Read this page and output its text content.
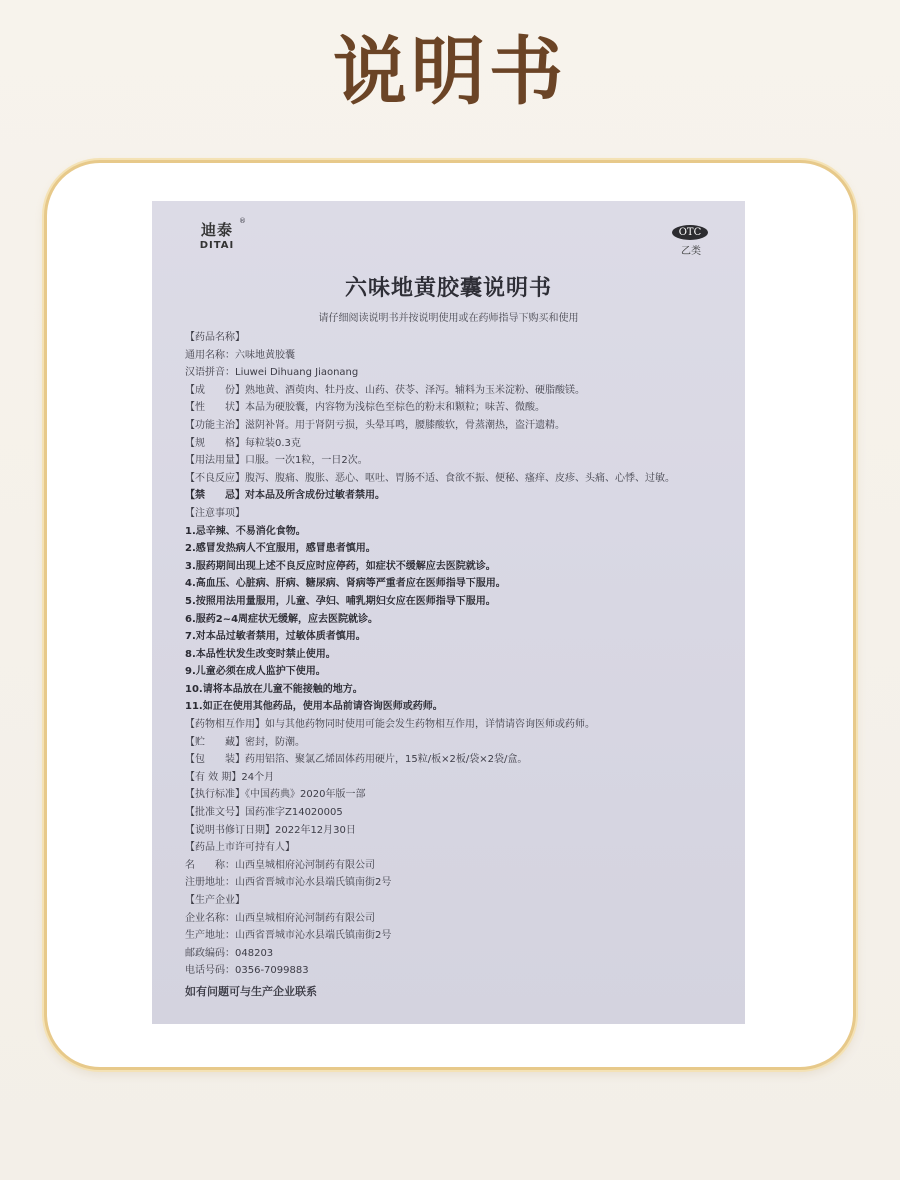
说明书
迪泰
DITAI
®
OTC
乙类
六味地黄胶囊说明书
请仔细阅读说明书并按说明使用或在药师指导下购买和使用
【药品名称】
通用名称：六味地黄胶囊
汉语拼音：Liuwei Dihuang Jiaonang
【成　　份】熟地黄、酒萸肉、牡丹皮、山药、茯苓、泽泻。辅料为玉米淀粉、硬脂酸镁。
【性　　状】本品为硬胶囊，内容物为浅棕色至棕色的粉末和颗粒；味苦、微酸。
【功能主治】滋阴补肾。用于肾阴亏损，头晕耳鸣，腰膝酸软，骨蒸潮热，盗汗遗精。
【规　　格】每粒装0.3克
【用法用量】口服。一次1粒，一日2次。
【不良反应】腹泻、腹痛、腹胀、恶心、呕吐、胃肠不适、食欲不振、便秘、瘙痒、皮疹、头痛、心悸、过敏。
【禁　　忌】对本品及所含成份过敏者禁用。
【注意事项】
1.忌辛辣、不易消化食物。
2.感冒发热病人不宜服用，感冒患者慎用。
3.服药期间出现上述不良反应时应停药，如症状不缓解应去医院就诊。
4.高血压、心脏病、肝病、糖尿病、肾病等严重者应在医师指导下服用。
5.按照用法用量服用，儿童、孕妇、哺乳期妇女应在医师指导下服用。
6.服药2~4周症状无缓解，应去医院就诊。
7.对本品过敏者禁用，过敏体质者慎用。
8.本品性状发生改变时禁止使用。
9.儿童必须在成人监护下使用。
10.请将本品放在儿童不能接触的地方。
11.如正在使用其他药品，使用本品前请咨询医师或药师。
【药物相互作用】如与其他药物同时使用可能会发生药物相互作用，详情请咨询医师或药师。
【贮　　藏】密封，防潮。
【包　　装】药用铝箔、聚氯乙烯固体药用硬片，15粒/板×2板/袋×2袋/盒。
【有 效 期】24个月
【执行标准】《中国药典》2020年版一部
【批准文号】国药准字Z14020005
【说明书修订日期】2022年12月30日
【药品上市许可持有人】
名　　称：山西皇城相府沁河制药有限公司
注册地址：山西省晋城市沁水县端氏镇南街2号
【生产企业】
企业名称：山西皇城相府沁河制药有限公司
生产地址：山西省晋城市沁水县端氏镇南街2号
邮政编码：048203
电话号码：0356-7099883
如有问题可与生产企业联系
